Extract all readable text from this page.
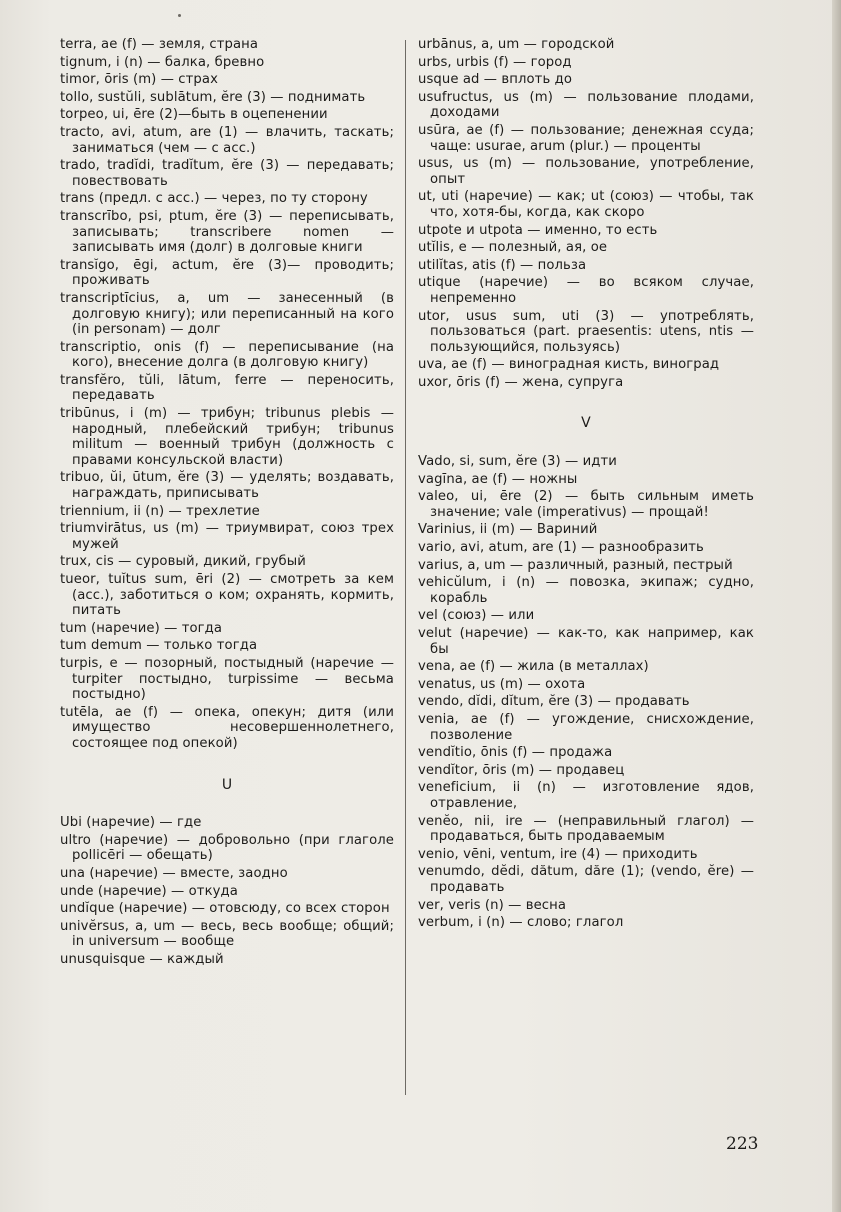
terra, ae (f) — земля, страна
tignum, i (n) — балка, бревно
timor, ōris (m) — страх
tollo, sustŭli, sublātum, ĕre (3) — поднимать
torpeo, ui, ēre (2)—быть в оцепенении
tracto, avi, atum, are (1) — влачить, таскать; заниматься (чем — с acc.)
trado, tradĭdi, tradĭtum, ĕre (3) — передавать; повествовать
trans (предл. с acc.) — через, по ту сторону
transcrībo, psi, ptum, ĕre (3) — переписывать, записывать; transcribere nomen — записывать имя (долг) в долговые книги
transĭgo, ēgi, actum, ĕre (3)— проводить; проживать
transcriptīcius, a, um — занесенный (в долговую книгу); или переписанный на кого (in personam) — долг
transcriptio, onis (f) — переписывание (на кого), внесение долга (в долговую книгу)
transfĕro, tŭli, lātum, ferre — переносить, передавать
tribūnus, i (m) — трибун; tribunus plebis —народный, плебейский трибун; tribunus militum — военный трибун (должность с правами консульской власти)
tribuo, ŭi, ūtum, ĕre (3) — уделять; воздавать, награждать, приписывать
triennium, ii (n) — трехлетие
triumvirātus, us (m) — триумвират, союз трех мужей
trux, cis — суровый, дикий, грубый
tueor, tuĭtus sum, ēri (2) — смотреть за кем (acc.), заботиться о ком; охранять, кормить, питать
tum (наречие) — тогда
tum demum — только тогда
turpis, e — позорный, постыдный (наречие — turpiter постыдно, turpissime — весьма постыдно)
tutēla, ae (f) — опека, опекун; дитя (или имущество несовершеннолетнего, состоящее под опекой)
U
Ubi (наречие) — где
ultro (наречие) — добровольно (при глаголе pollicēri — обещать)
una (наречие) — вместе, заодно
unde (наречие) — откуда
undĭque (наречие) — отовсюду, со всех сторон
univĕrsus, a, um — весь, весь вообще; общий; in universum — вообще
unusquisque — каждый
urbānus, a, um — городской
urbs, urbis (f) — город
usque ad — вплоть до
usufructus, us (m) — пользование плодами, доходами
usūra, ae (f) — пользование; денежная ссуда; чаще: usurae, arum (plur.) — проценты
usus, us (m) — пользование, употребление, опыт
ut, uti (наречие) — как; ut (союз) — чтобы, так что, хотя-бы, когда, как скоро
utpote и utpota — именно, то есть
utĭlis, e — полезный, ая, ое
utilĭtas, atis (f) — польза
utique (наречие) — во всяком случае, непременно
utor, usus sum, uti (3) — употреблять, пользоваться (part. praesentis: utens, ntis — пользующийся, пользуясь)
uva, ae (f) — виноградная кисть, виноград
uxor, ōris (f) — жена, супруга
V
Vado, si, sum, ĕre (3) — идти
vagīna, ae (f) — ножны
valeo, ui, ēre (2) — быть сильным иметь значение; vale (imperativus) — прощай!
Varinius, ii (m) — Вариний
vario, avi, atum, are (1) — разнообразить
varius, a, um — различный, разный, пестрый
vehicŭlum, i (n) — повозка, экипаж; судно, корабль
vel (союз) — или
velut (наречие) — как-то, как например, как бы
vena, ae (f) — жила (в металлах)
venatus, us (m) — охота
vendo, dĭdi, dĭtum, ĕre (3) — продавать
venia, ae (f) — угождение, снисхождение, позволение
vendĭtio, ōnis (f) — продажа
vendĭtor, ōris (m) — продавец
veneficium, ii (n) — изготовление ядов, отравление,
venĕo, nii, ire — (неправильный глагол) — продаваться, быть продаваемым
venio, vēni, ventum, ire (4) — приходить
venumdo, dĕdi, dătum, dăre (1); (vendo, ĕre) — продавать
ver, veris (n) — весна
verbum, i (n) — слово; глагол
223
